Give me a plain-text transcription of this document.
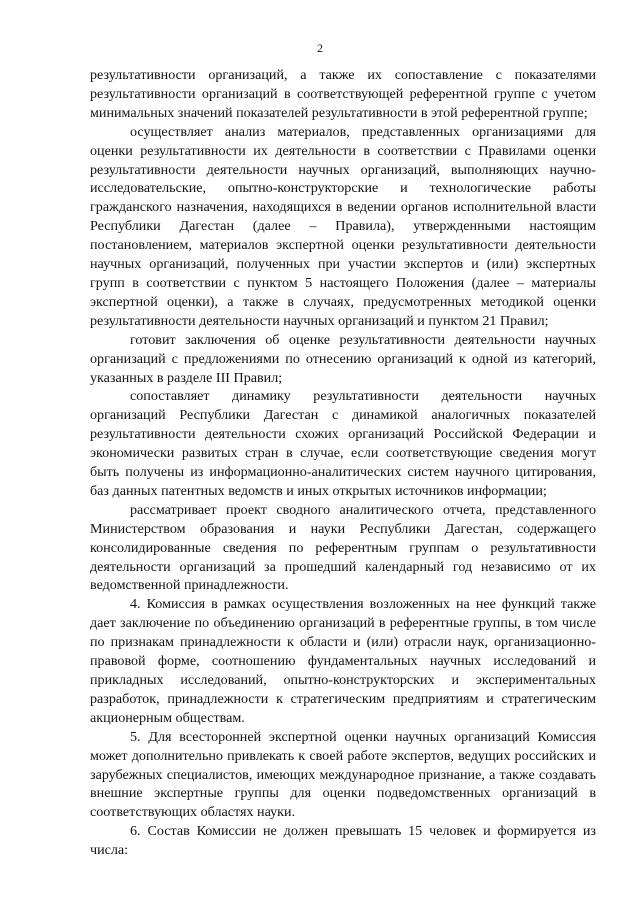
2

результативности организаций, а также их сопоставление с показателями результативности организаций в соответствующей референтной группе с учетом минимальных значений показателей результативности в этой референтной группе;

осуществляет анализ материалов, представленных организациями для оценки результативности их деятельности в соответствии с Правилами оценки результативности деятельности научных организаций, выполняющих научно-исследовательские, опытно-конструкторские и технологические работы гражданского назначения, находящихся в ведении органов исполнительной власти Республики Дагестан (далее – Правила), утвержденными настоящим постановлением, материалов экспертной оценки результативности деятельности научных организаций, полученных при участии экспертов и (или) экспертных групп в соответствии с пунктом 5 настоящего Положения (далее – материалы экспертной оценки), а также в случаях, предусмотренных методикой оценки результативности деятельности научных организаций и пунктом 21 Правил;

готовит заключения об оценке результативности деятельности научных организаций с предложениями по отнесению организаций к одной из категорий, указанных в разделе III Правил;

сопоставляет динамику результативности деятельности научных организаций Республики Дагестан с динамикой аналогичных показателей результативности деятельности схожих организаций Российской Федерации и экономически развитых стран в случае, если соответствующие сведения могут быть получены из информационно-аналитических систем научного цитирования, баз данных патентных ведомств и иных открытых источников информации;

рассматривает проект сводного аналитического отчета, представленного Министерством образования и науки Республики Дагестан, содержащего консолидированные сведения по референтным группам о результативности деятельности организаций за прошедший календарный год независимо от их ведомственной принадлежности.

4. Комиссия в рамках осуществления возложенных на нее функций также дает заключение по объединению организаций в референтные группы, в том числе по признакам принадлежности к области и (или) отрасли наук, организационно-правовой форме, соотношению фундаментальных научных исследований и прикладных исследований, опытно-конструкторских и экспериментальных разработок, принадлежности к стратегическим предприятиям и стратегическим акционерным обществам.

5. Для всесторонней экспертной оценки научных организаций Комиссия может дополнительно привлекать к своей работе экспертов, ведущих российских и зарубежных специалистов, имеющих международное признание, а также создавать внешние экспертные группы для оценки подведомственных организаций в соответствующих областях науки.

6. Состав Комиссии не должен превышать 15 человек и формируется из числа:
